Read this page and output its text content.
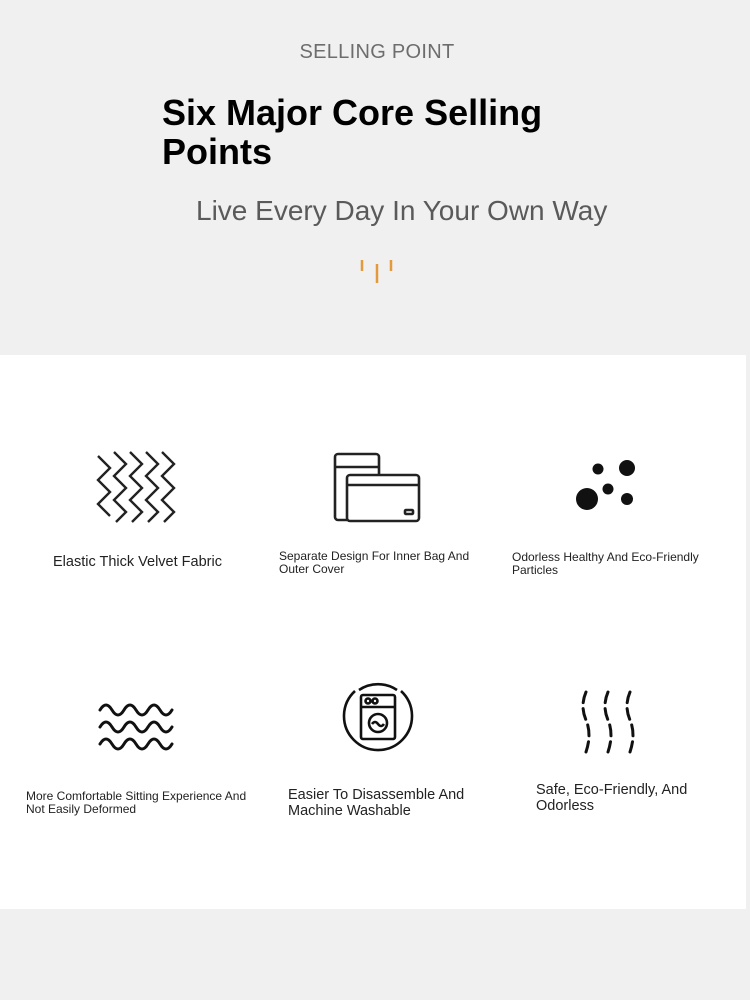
SELLING POINT
Six Major Core Selling Points
Live Every Day In Your Own Way
Elastic Thick Velvet Fabric	Separate Design For Inner Bag And Outer Cover
Odorless Healthy And Eco-Friendly Particles
More Comfortable Sitting Experience And Not Easily Deformed
Easier To Disassemble And Machine Washable
Safe, Eco-Friendly, And Odorless
